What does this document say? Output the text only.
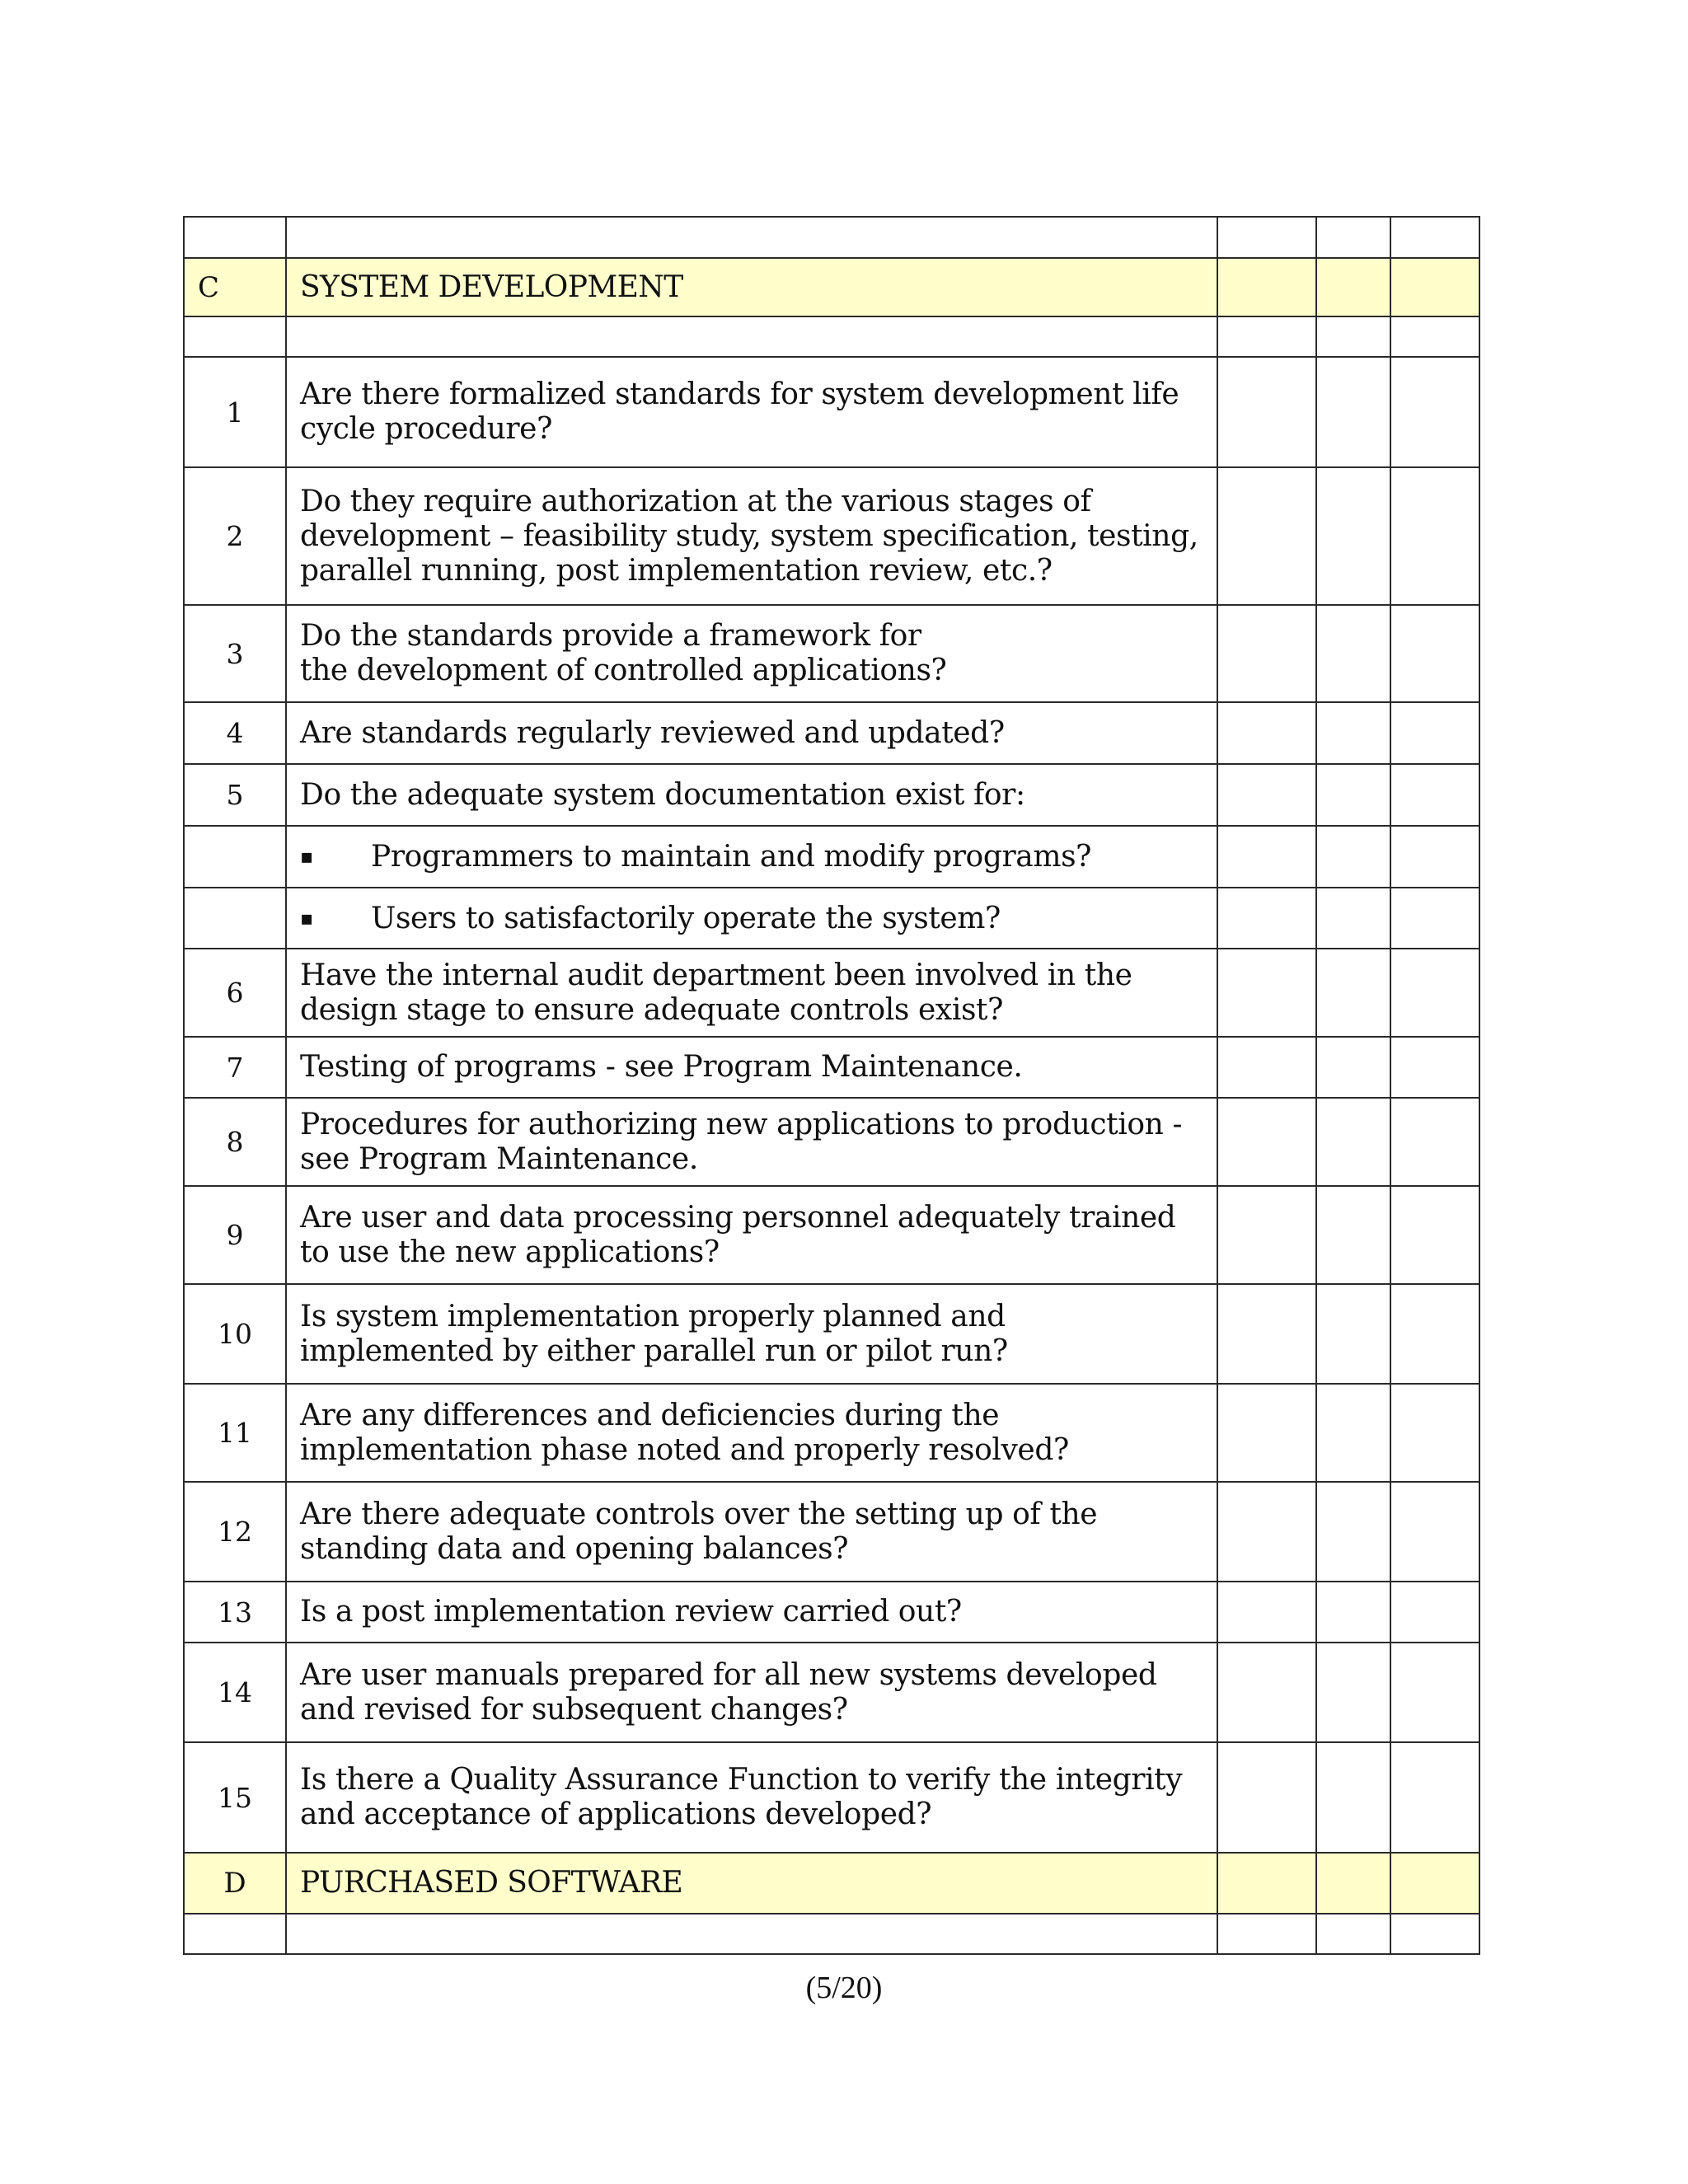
C	SYSTEM DEVELOPMENT			

1	Are there formalized standards for system development life cycle procedure?			
2	Do they require authorization at the various stages of development – feasibility study, system specification, testing, parallel running, post implementation review, etc.?			
3	Do the standards provide a framework for the development of controlled applications?			
4	Are standards regularly reviewed and updated?			
5	Do the adequate system documentation exist for:			
	▪ Programmers to maintain and modify programs?			
	▪ Users to satisfactorily operate the system?			
6	Have the internal audit department been involved in the design stage to ensure adequate controls exist?			
7	Testing of programs - see Program Maintenance.			
8	Procedures for authorizing new applications to production - see Program Maintenance.			
9	Are user and data processing personnel adequately trained to use the new applications?			
10	Is system implementation properly planned and implemented by either parallel run or pilot run?			
11	Are any differences and deficiencies during the implementation phase noted and properly resolved?			
12	Are there adequate controls over the setting up of the standing data and opening balances?			
13	Is a post implementation review carried out?			
14	Are user manuals prepared for all new systems developed and revised for subsequent changes?			
15	Is there a Quality Assurance Function to verify the integrity and acceptance of applications developed?			
D	PURCHASED SOFTWARE			

(5/20)
